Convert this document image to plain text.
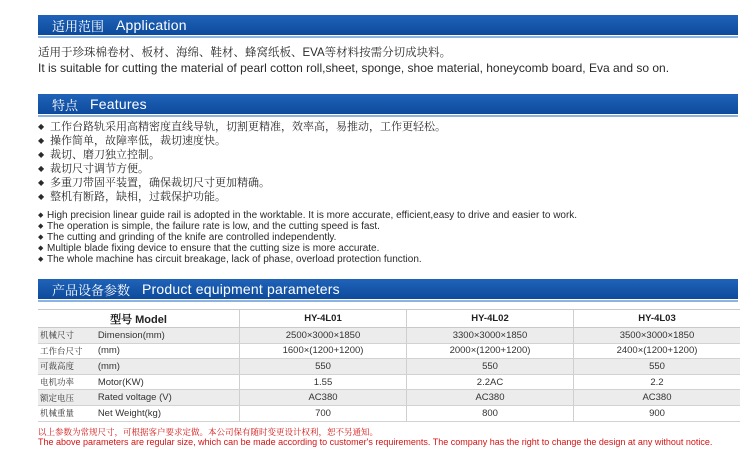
适用范围 Application
适用于珍珠棉卷材、板材、海绵、鞋材、蜂窝纸板、EVA等材料按需分切成块料。
It is suitable for cutting the material of pearl cotton roll,sheet, sponge, shoe material, honeycomb board, Eva and so on.
特点 Features
◆ 工作台路轨采用高精密度直线导轨，切割更精准，效率高，易推动，工作更轻松。
◆ 操作简单，故障率低，裁切速度快。
◆ 裁切、磨刀独立控制。
◆ 裁切尺寸调节方便。
◆ 多重刀带固平装置，确保裁切尺寸更加精确。
◆ 整机有断路，缺相，过载保护功能。
◆ High precision linear guide rail is adopted in the worktable. It is more accurate, efficient,easy to drive and easier to work.
◆ The operation is simple, the failure rate is low, and the cutting speed is fast.
◆ The cutting and grinding of the knife are controlled independently.
◆ Multiple blade fixing device to ensure that the cutting size is more accurate.
◆ The whole machine has circuit breakage, lack of phase, overload protection function.
产品设备参数 Product equipment parameters
型号 Model		HY-4L01	HY-4L02	HY-4L03
机械尺寸	Dimension(mm)	2500×3000×1850	3300×3000×1850	3500×3000×1850
工作台尺寸	(mm)	1600×(1200+1200)	2000×(1200+1200)	2400×(1200+1200)
可裁高度	(mm)	550	550	550
电机功率	Motor(KW)	1.55	2.2AC	2.2
额定电压	Rated voltage (V)	AC380	AC380	AC380
机械重量	Net Weight(kg)	700	800	900
以上参数为常规尺寸，可根据客户要求定做。本公司保有随时变更设计权利，恕不另通知。
The above parameters are regular size, which can be made according to customer's requirements. The company has the right to change the design at any without notice.
